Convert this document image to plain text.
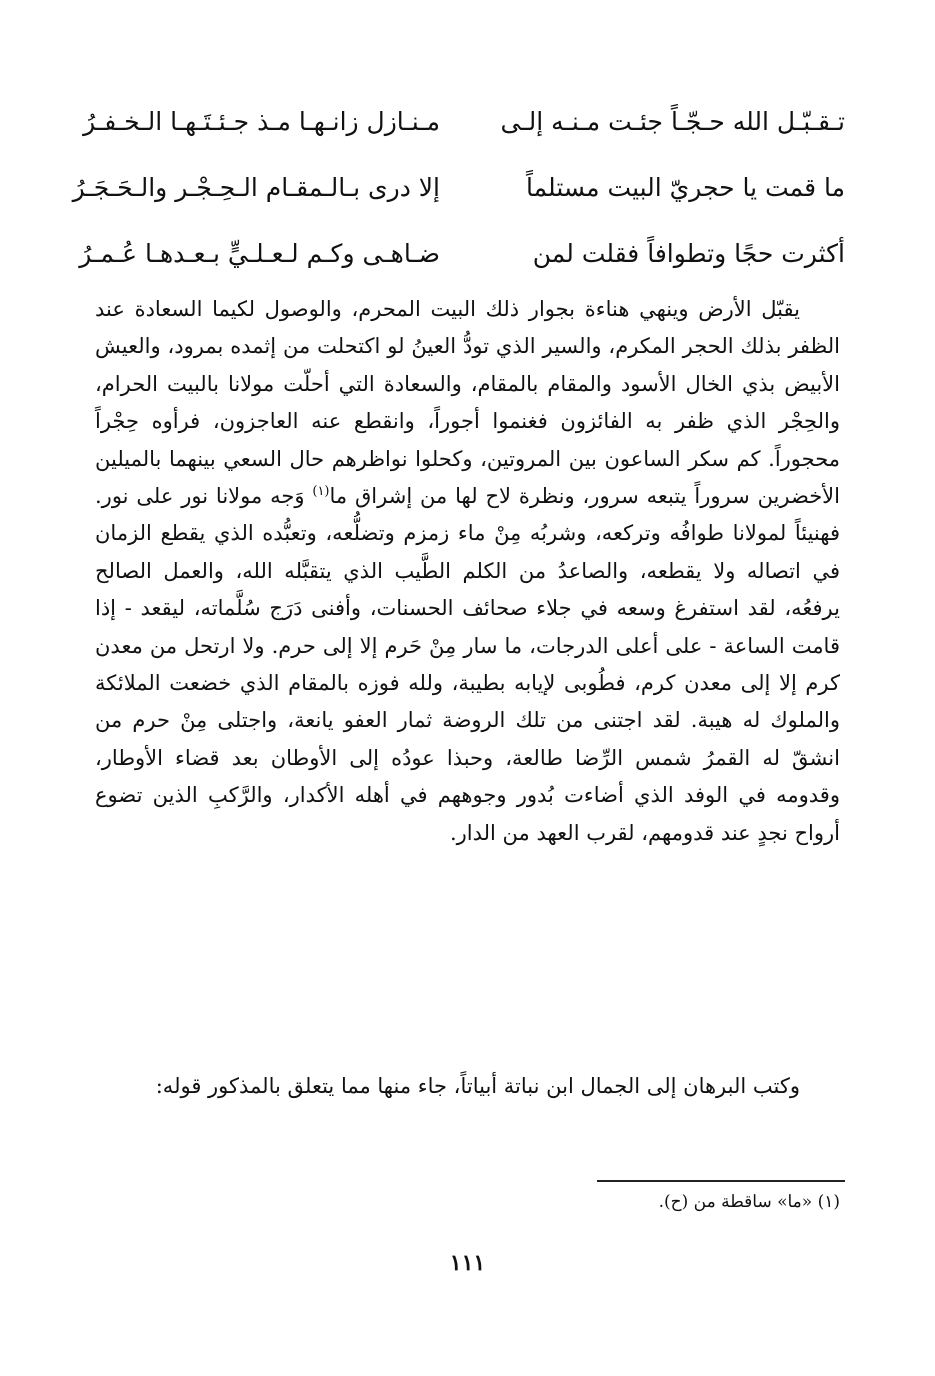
تـقـبّـل الله حـجّـاً جئـت مـنـه إلـى
مـنـازل زانـهـا مـذ جـئـتَـهـا الـخـفـرُ
ما قمت يا حجريّ البيت مستلماً
إلا درى بـالـمقـام الـحِـجْـر والـحَـجَـرُ
أكثرت حجًا وتطوافاً فقلت لمن
ضـاهـى وكـم لـعـلـيٍّ بـعـدهـا عُـمـرُ

يقبّل الأرض وينهي هناءة بجوار ذلك البيت المحرم، والوصول لكيما السعادة عند الظفر بذلك الحجر المكرم، والسير الذي تودُّ العينُ لو اكتحلت من إثمده بمرود، والعيش الأبيض بذي الخال الأسود والمقام بالمقام، والسعادة التي أحلّت مولانا بالبيت الحرام، والحِجْر الذي ظفر به الفائزون فغنموا أجوراً، وانقطع عنه العاجزون، فرأوه حِجْراً محجوراً. كم سكر الساعون بين المروتين، وكحلوا نواظرهم حال السعي بينهما بالميلين الأخضرين سروراً يتبعه سرور، ونظرة لاح لها من إشراق ما$^{(١)}$ وَجه مولانا نور على نور. فهنيئاً لمولانا طوافُه وتركعه، وشربُه مِنْ ماء زمزم وتضلُّعه، وتعبُّده الذي يقطع الزمان في اتصاله ولا يقطعه، والصاعدُ من الكلم الطَّيب الذي يتقبَّله الله، والعمل الصالح يرفعُه، لقد استفرغ وسعه في جلاء صحائف الحسنات، وأفنى دَرَج سُلَّماته، ليقعد - إذا قامت الساعة - على أعلى الدرجات، ما سار مِنْ حَرم إلا إلى حرم. ولا ارتحل من معدن كرم إلا إلى معدن كرم، فطُوبى لإيابه بطيبة، ولله فوزه بالمقام الذي خضعت الملائكة والملوك له هيبة. لقد اجتنى من تلك الروضة ثمار العفو يانعة، واجتلى مِنْ حرم من انشقّ له القمرُ شمس الرِّضا طالعة، وحبذا عودُه إلى الأوطان بعد قضاء الأوطار، وقدومه في الوفد الذي أضاءت بُدور وجوههم في أهله الأكدار، والرَّكبِ الذين تضوع أرواح نجدٍ عند قدومهم، لقرب العهد من الدار.

وكتب البرهان إلى الجمال ابن نباتة أبياتاً، جاء منها مما يتعلق بالمذكور قوله:
(١) «ما» ساقطة من (ح).
١١١
